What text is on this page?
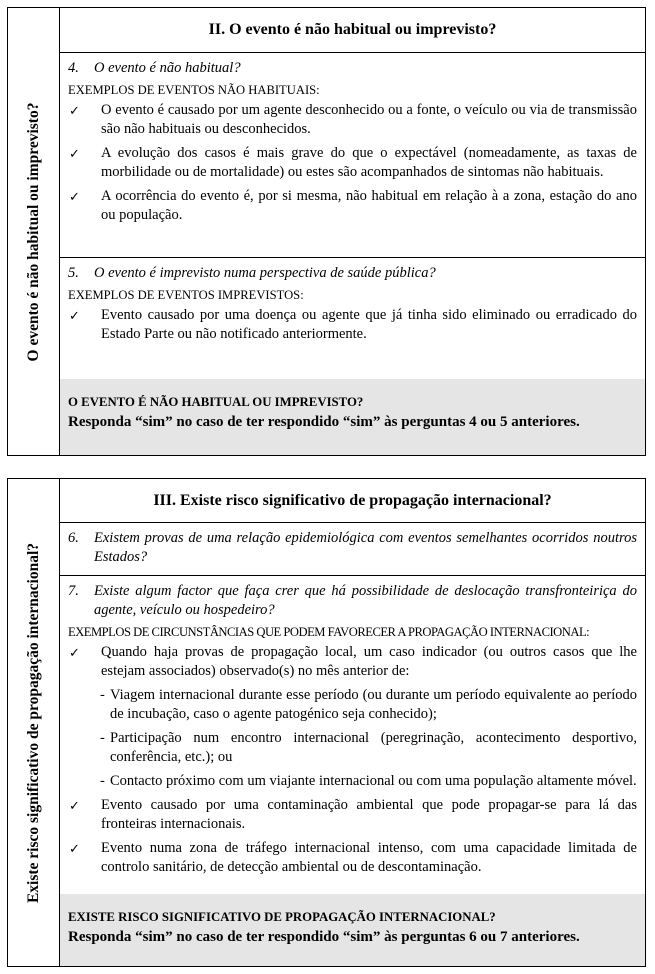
O evento é não habitual ou imprevisto?
II. O evento é não habitual ou imprevisto?
4.	O evento é não habitual?
EXEMPLOS DE EVENTOS NÃO HABITUAIS:
✓	O evento é causado por um agente desconhecido ou a fonte, o veículo ou via de transmissão são não habituais ou desconhecidos.
✓	A evolução dos casos é mais grave do que o expectável (nomeadamente, as taxas de morbilidade ou de mortalidade) ou estes são acompanhados de sintomas não habituais.
✓	A ocorrência do evento é, por si mesma, não habitual em relação à a zona, estação do ano ou população.
5.	O evento é imprevisto numa perspectiva de saúde pública?
EXEMPLOS DE EVENTOS IMPREVISTOS:
✓	Evento causado por uma doença ou agente que já tinha sido eliminado ou erradicado do Estado Parte ou não notificado anteriormente.
O EVENTO É NÃO HABITUAL OU IMPREVISTO?
Responda “sim” no caso de ter respondido “sim” às perguntas 4 ou 5 anteriores.
Existe risco significativo de propagação internacional?
III. Existe risco significativo de propagação internacional?
6.	Existem provas de uma relação epidemiológica com eventos semelhantes ocorridos noutros Estados?
7.	Existe algum factor que faça crer que há possibilidade de deslocação transfronteiriça do agente, veículo ou hospedeiro?
EXEMPLOS DE CIRCUNSTÂNCIAS QUE PODEM FAVORECER A PROPAGAÇÃO INTERNACIONAL:
✓	Quando haja provas de propagação local, um caso indicador (ou outros casos que lhe estejam associados) observado(s) no mês anterior de:
- Viagem internacional durante esse período (ou durante um período equivalente ao período de incubação, caso o agente patogénico seja conhecido);
- Participação num encontro internacional (peregrinação, acontecimento desportivo, conferência, etc.); ou
- Contacto próximo com um viajante internacional ou com uma população altamente móvel.
✓	Evento causado por uma contaminação ambiental que pode propagar-se para lá das fronteiras internacionais.
✓	Evento numa zona de tráfego internacional intenso, com uma capacidade limitada de controlo sanitário, de detecção ambiental ou de descontaminação.
EXISTE RISCO SIGNIFICATIVO DE PROPAGAÇÃO INTERNACIONAL?
Responda “sim” no caso de ter respondido “sim” às perguntas 6 ou 7 anteriores.
